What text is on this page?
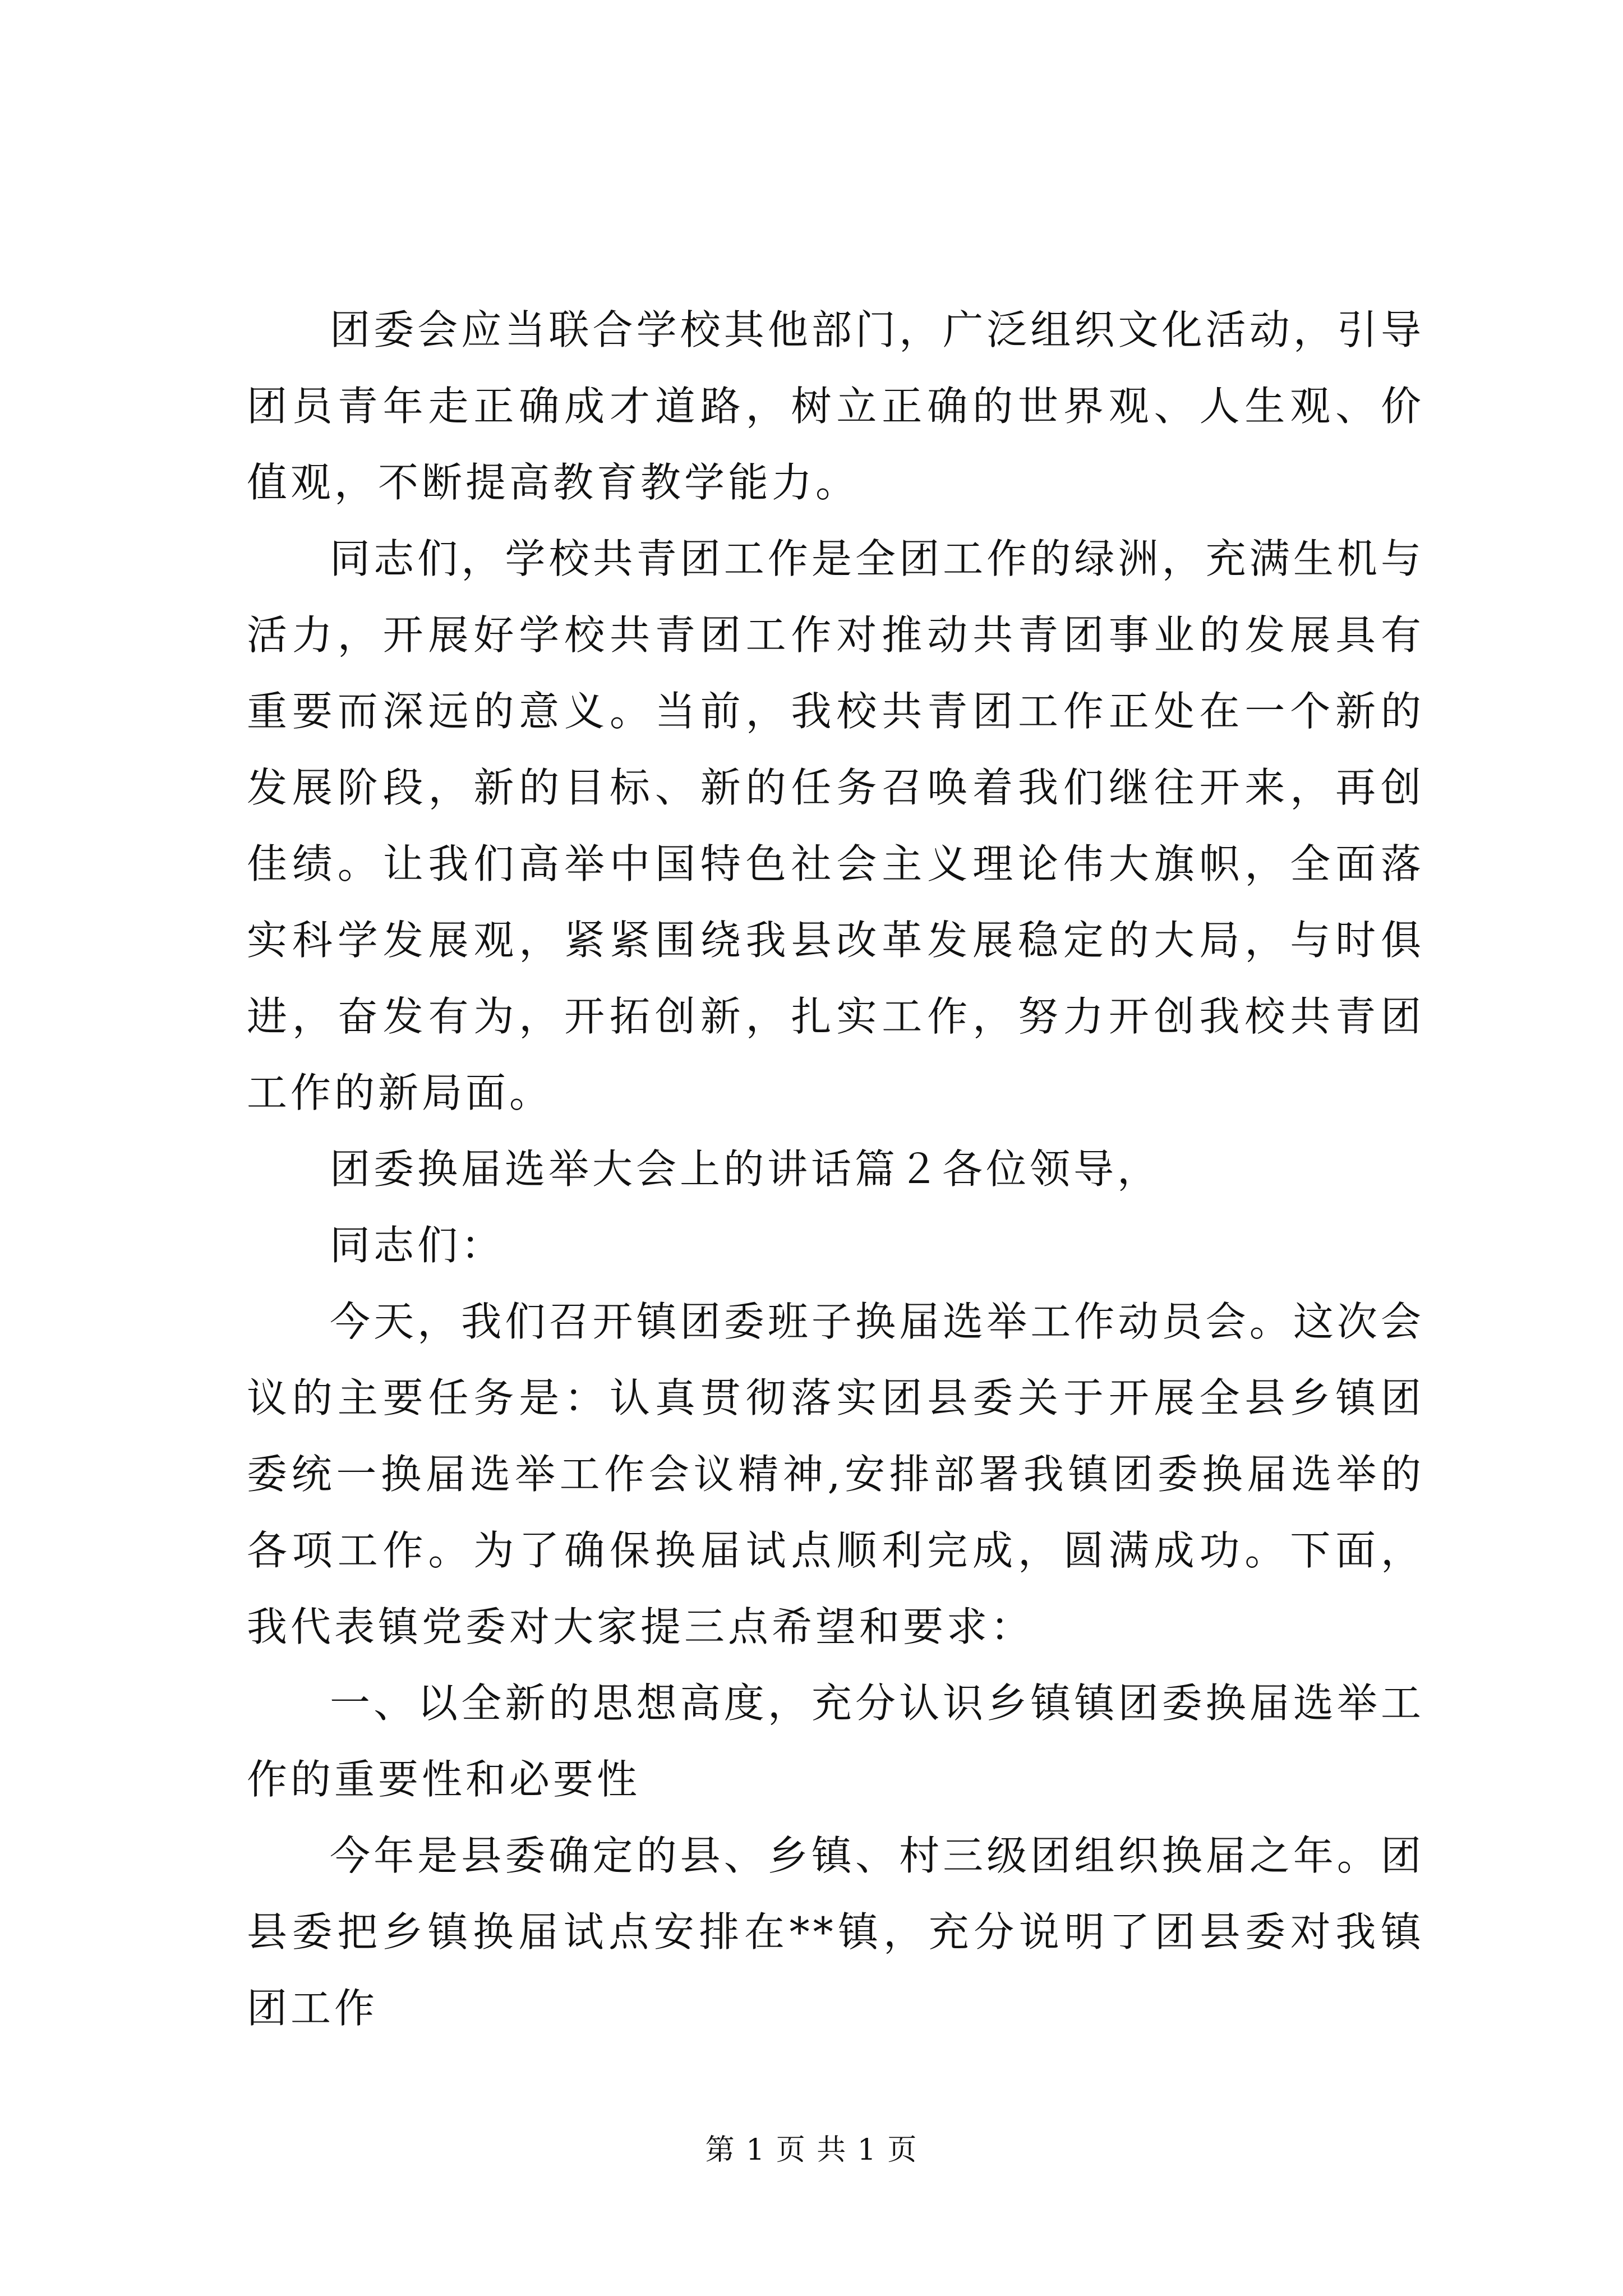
团委会应当联合学校其他部门，广泛组织文化活动，引导团员青年走正确成才道路，树立正确的世界观、人生观、价值观，不断提高教育教学能力。

同志们，学校共青团工作是全团工作的绿洲，充满生机与活力，开展好学校共青团工作对推动共青团事业的发展具有重要而深远的意义。当前，我校共青团工作正处在一个新的发展阶段，新的目标、新的任务召唤着我们继往开来，再创佳绩。让我们高举中国特色社会主义理论伟大旗帜，全面落实科学发展观，紧紧围绕我县改革发展稳定的大局，与时俱进，奋发有为，开拓创新，扎实工作，努力开创我校共青团工作的新局面。

团委换届选举大会上的讲话篇２各位领导，

同志们：

今天，我们召开镇团委班子换届选举工作动员会。这次会议的主要任务是：认真贯彻落实团县委关于开展全县乡镇团委统一换届选举工作会议精神,安排部署我镇团委换届选举的各项工作。为了确保换届试点顺利完成，圆满成功。下面，我代表镇党委对大家提三点希望和要求：

一、以全新的思想高度，充分认识乡镇镇团委换届选举工作的重要性和必要性

今年是县委确定的县、乡镇、村三级团组织换届之年。团县委把乡镇换届试点安排在**镇，充分说明了团县委对我镇团工作

第 1 页 共 1 页
